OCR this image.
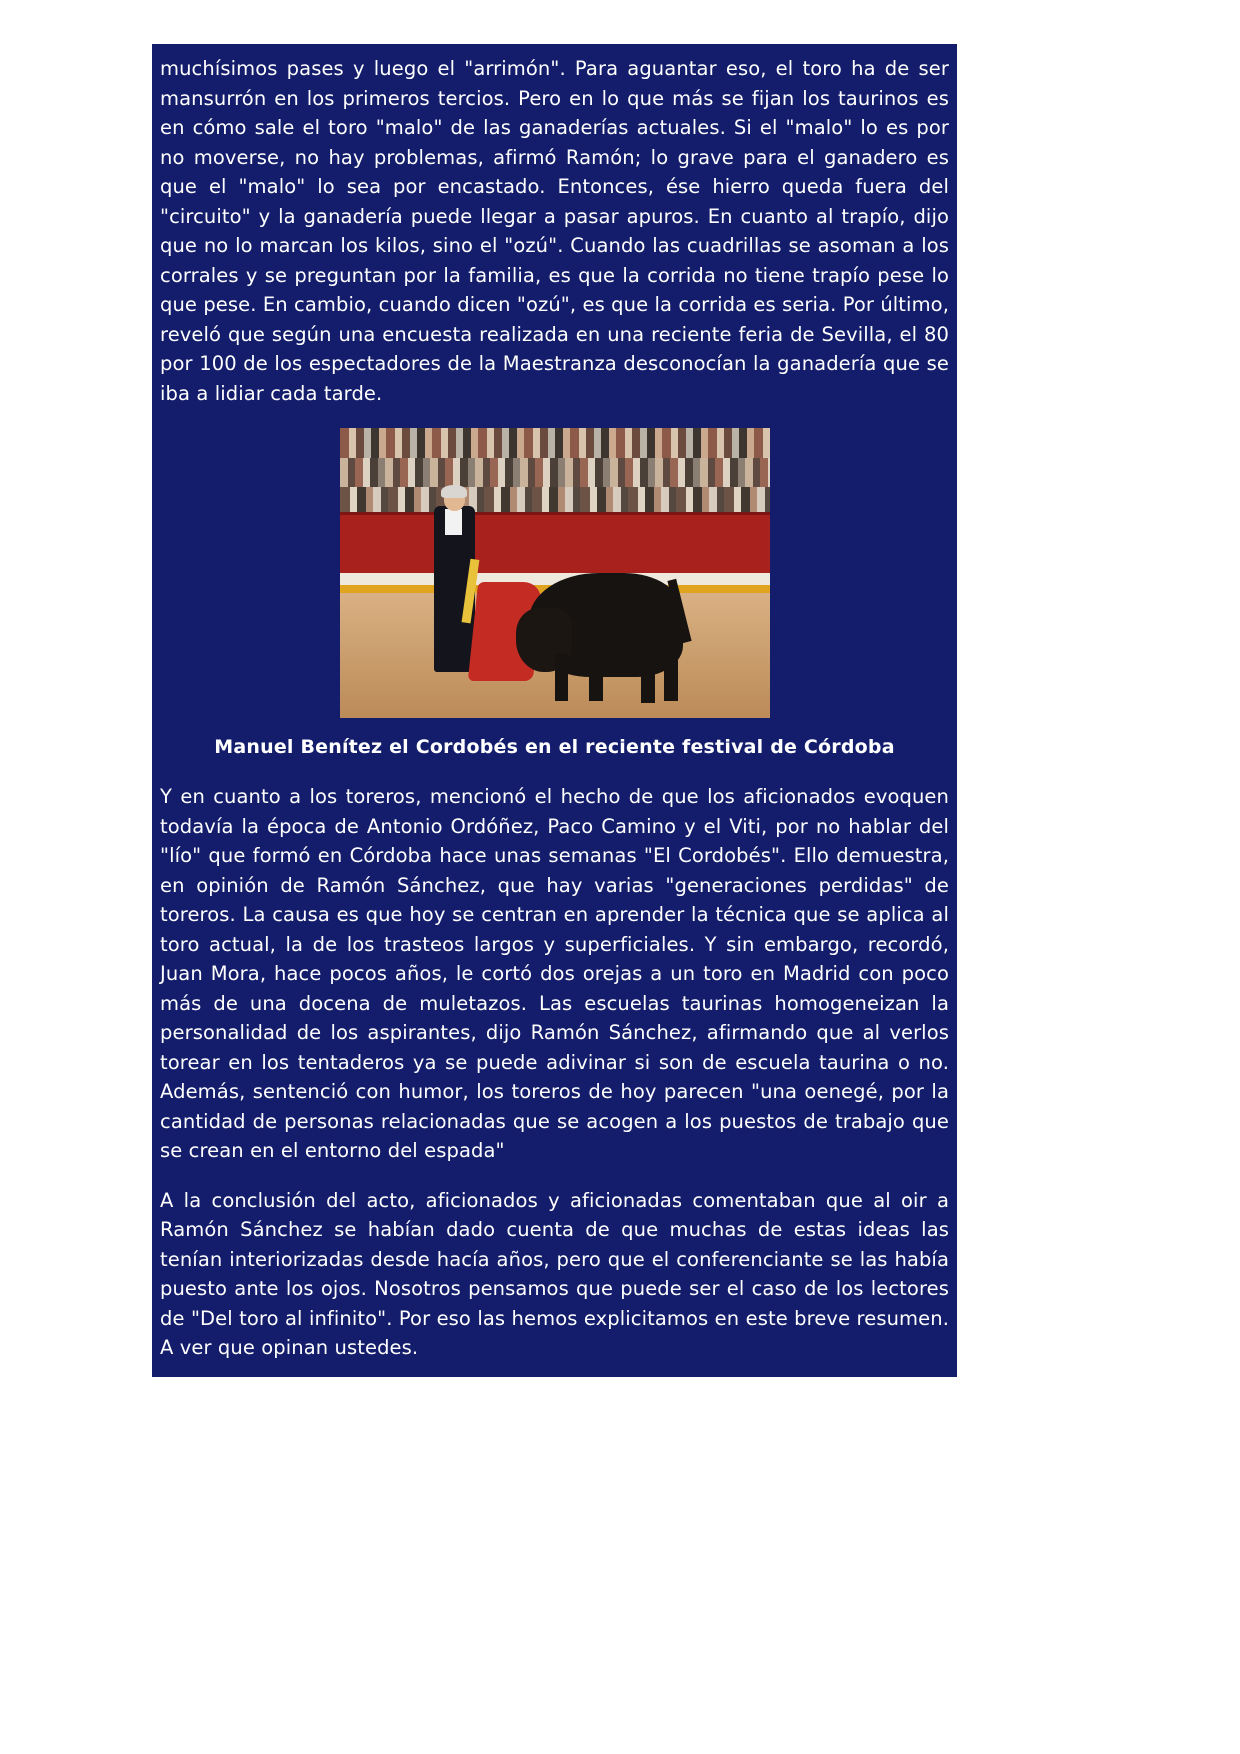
muchísimos pases y luego el "arrimón". Para aguantar eso, el toro ha de ser mansurrón en los primeros tercios. Pero en lo que más se fijan los taurinos es en cómo sale el toro "malo" de las ganaderías actuales. Si el "malo" lo es por no moverse, no hay problemas, afirmó Ramón; lo grave para el ganadero es que el "malo" lo sea por encastado. Entonces, ése hierro queda fuera del "circuito" y la ganadería puede llegar a pasar apuros. En cuanto al trapío, dijo que no lo marcan los kilos, sino el "ozú". Cuando las cuadrillas se asoman a los corrales y se preguntan por la familia, es que la corrida no tiene trapío pese lo que pese. En cambio, cuando dicen "ozú", es que la corrida es seria. Por último, reveló que según una encuesta realizada en una reciente feria de Sevilla, el 80 por 100 de los espectadores de la Maestranza desconocían la ganadería que se iba a lidiar cada tarde.

Manuel Benítez el Cordobés en el reciente festival de Córdoba

Y en cuanto a los toreros, mencionó el hecho de que los aficionados evoquen todavía la época de Antonio Ordóñez, Paco Camino y el Viti, por no hablar del "lío" que formó en Córdoba hace unas semanas "El Cordobés". Ello demuestra, en opinión de Ramón Sánchez, que hay varias "generaciones perdidas" de toreros. La causa es que hoy se centran en aprender la técnica que se aplica al toro actual, la de los trasteos largos y superficiales. Y sin embargo, recordó, Juan Mora, hace pocos años, le cortó dos orejas a un toro en Madrid con poco más de una docena de muletazos. Las escuelas taurinas homogeneizan la personalidad de los aspirantes, dijo Ramón Sánchez, afirmando que al verlos torear en los tentaderos ya se puede adivinar si son de escuela taurina o no. Además, sentenció con humor, los toreros de hoy parecen "una oenegé, por la cantidad de personas relacionadas que se acogen a los puestos de trabajo que se crean en el entorno del espada"

A la conclusión del acto, aficionados y aficionadas comentaban que al oir a Ramón Sánchez se habían dado cuenta de que muchas de estas ideas las tenían interiorizadas desde hacía años, pero que el conferenciante se las había puesto ante los ojos. Nosotros pensamos que puede ser el caso de los lectores de "Del toro al infinito". Por eso las hemos explicitamos en este breve resumen. A ver que opinan ustedes.
